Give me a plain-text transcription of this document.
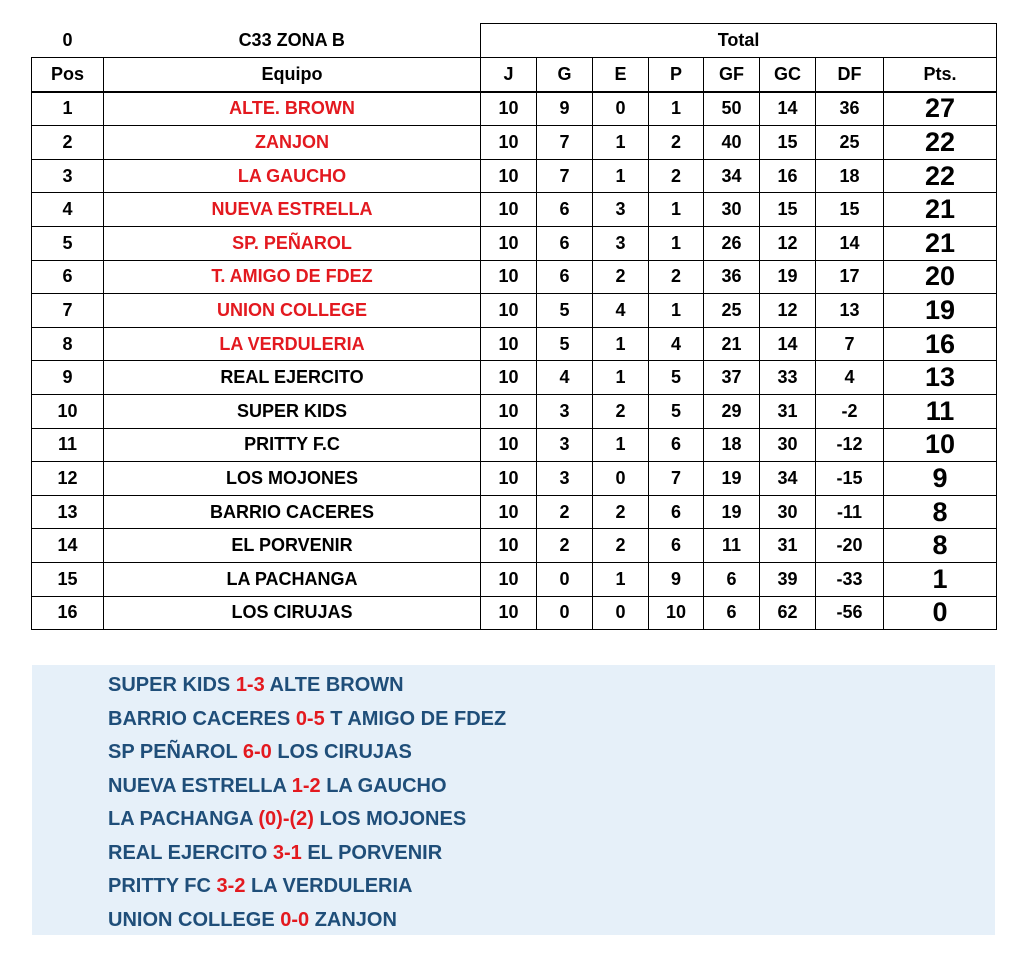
0	C33 ZONA B	Total							
Pos	Equipo	J	G	E	P	GF	GC	DF	Pts.
1	ALTE. BROWN	10	9	0	1	50	14	36	27
2	ZANJON	10	7	1	2	40	15	25	22
3	LA GAUCHO	10	7	1	2	34	16	18	22
4	NUEVA ESTRELLA	10	6	3	1	30	15	15	21
5	SP. PEÑAROL	10	6	3	1	26	12	14	21
6	T. AMIGO DE FDEZ	10	6	2	2	36	19	17	20
7	UNION COLLEGE	10	5	4	1	25	12	13	19
8	LA VERDULERIA	10	5	1	4	21	14	7	16
9	REAL EJERCITO	10	4	1	5	37	33	4	13
10	SUPER KIDS	10	3	2	5	29	31	-2	11
11	PRITTY F.C	10	3	1	6	18	30	-12	10
12	LOS MOJONES	10	3	0	7	19	34	-15	9
13	BARRIO CACERES	10	2	2	6	19	30	-11	8
14	EL PORVENIR	10	2	2	6	11	31	-20	8
15	LA PACHANGA	10	0	1	9	6	39	-33	1
16	LOS CIRUJAS	10	0	0	10	6	62	-56	0
SUPER KIDS 1-3 ALTE BROWN
BARRIO CACERES 0-5 T AMIGO DE FDEZ
SP PEÑAROL 6-0 LOS CIRUJAS
NUEVA ESTRELLA 1-2 LA GAUCHO
LA PACHANGA (0)-(2) LOS MOJONES
REAL EJERCITO 3-1 EL PORVENIR
PRITTY FC 3-2 LA VERDULERIA
UNION COLLEGE 0-0 ZANJON
